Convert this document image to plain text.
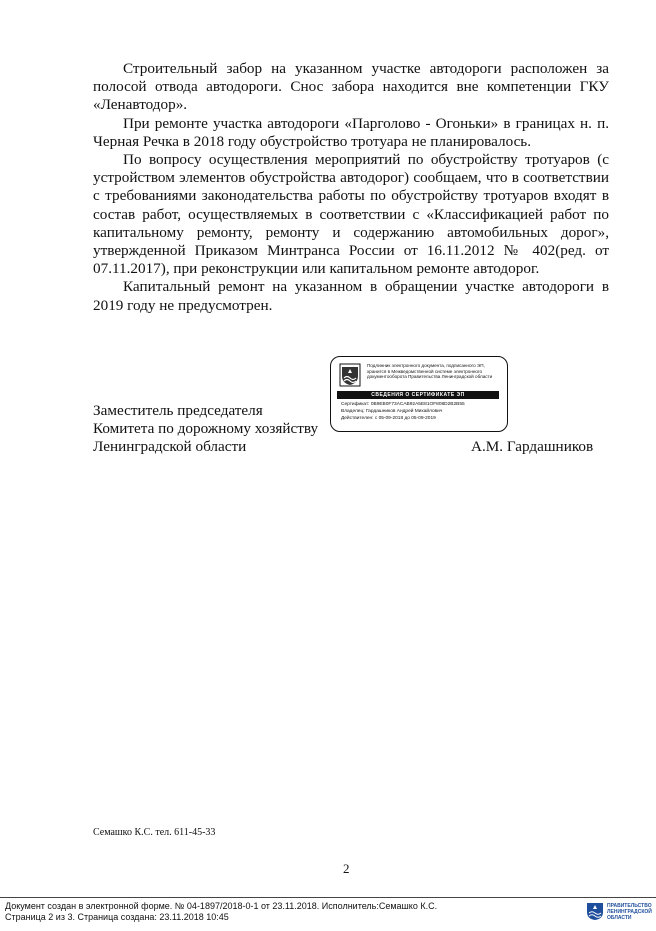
Строительный забор на указанном участке автодороги расположен за полосой отвода автодороги. Снос забора находится вне компетенции ГКУ «Ленавтодор».

При ремонте участка автодороги «Парголово - Огоньки» в границах н. п. Черная Речка в 2018 году обустройство тротуара не планировалось.

По вопросу осуществления мероприятий по обустройству тротуаров (с устройством элементов обустройства автодорог) сообщаем, что в соответствии с требованиями законодательства работы по обустройству тротуаров входят в состав работ, осуществляемых в соответствии с «Классификацией работ по капитальному ремонту, ремонту и содержанию автомобильных дорог», утвержденной Приказом Минтранса России от 16.11.2012 № 402(ред. от 07.11.2017), при реконструкции или капитальном ремонте автодорог.

Капитальный ремонт на указанном в обращении участке автодороги в 2019 году не предусмотрен.

Подлинник электронного документа, подписанного ЭП, хранится в Межведомственной системе электронного документооборота Правительства Ленинградской области
СВЕДЕНИЯ О СЕРТИФИКАТЕ ЭП
Сертификат: 0B9EB0F73ACAB92A5E81OF808D2B2B55
Владелец: Гардашников Андрей Михайлович
Действителен: с 05-09-2018 до 05-09-2019
Заместитель председателя
Комитета по дорожному хозяйству
Ленинградской области	А.М. Гардашников
Семашко К.С. тел. 611-45-33
2
Документ создан в электронной форме. № 04-1897/2018-0-1 от 23.11.2018. Исполнитель:Семашко К.С.
Страница 2 из 3. Страница создана: 23.11.2018 10:45
ПРАВИТЕЛЬСТВО
ЛЕНИНГРАДСКОЙ
ОБЛАСТИ
